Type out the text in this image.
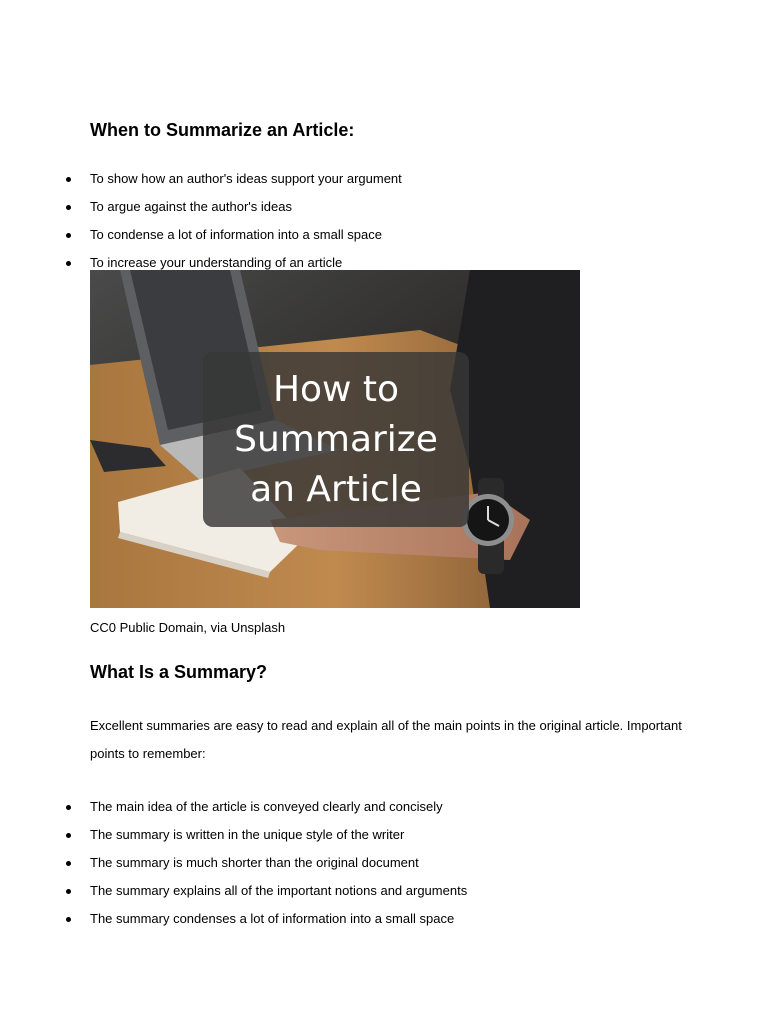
When to Summarize an Article:
To show how an author's ideas support your argument
To argue against the author's ideas
To condense a lot of information into a small space
To increase your understanding of an article
How to
Summarize
an Article

CC0 Public Domain, via Unsplash

What Is a Summary?

Excellent summaries are easy to read and explain all of the main points in the original article. Important points to remember:

The main idea of the article is conveyed clearly and concisely
The summary is written in the unique style of the writer
The summary is much shorter than the original document
The summary explains all of the important notions and arguments
The summary condenses a lot of information into a small space
